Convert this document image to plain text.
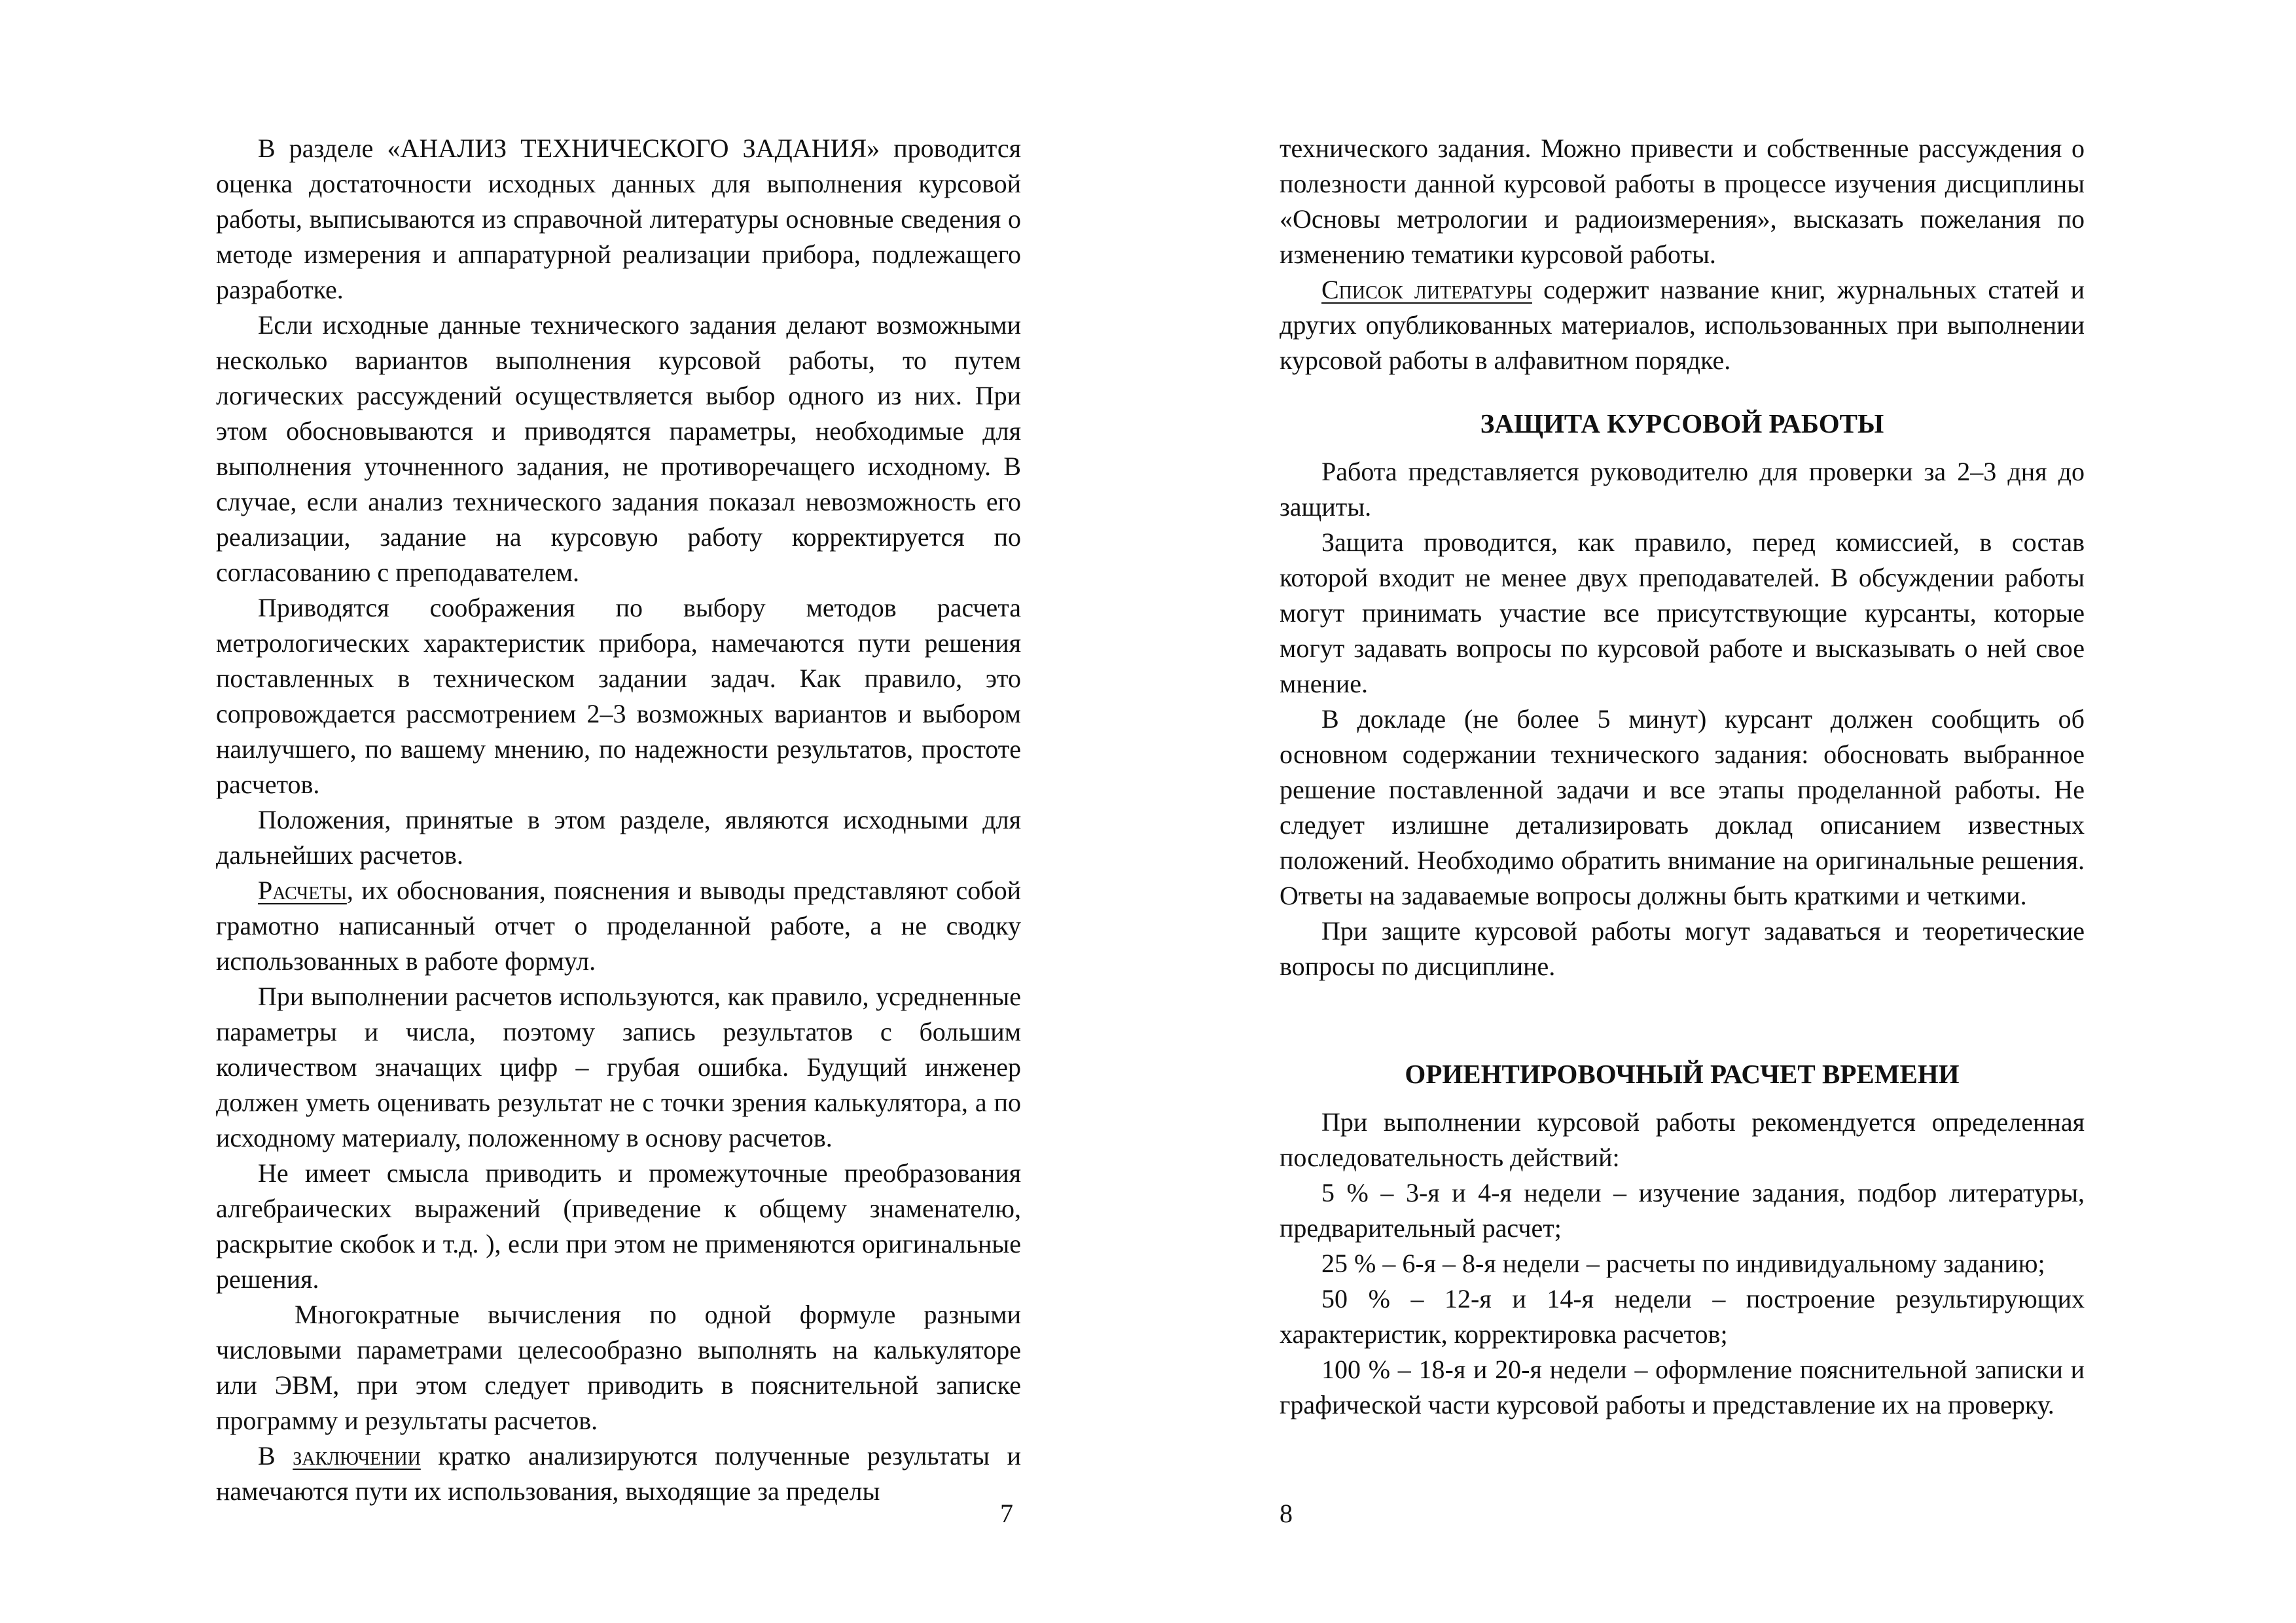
В разделе «АНАЛИЗ ТЕХНИЧЕСКОГО ЗАДАНИЯ» проводится оценка достаточности исходных данных для выполнения курсовой работы, выписываются из справочной литературы основные сведения о методе измерения и аппаратурной реализации прибора, подлежащего разработке.

Если исходные данные технического задания делают возможными несколько вариантов выполнения курсовой работы, то путем логических рассуждений осуществляется выбор одного из них. При этом обосновываются и приводятся параметры, необходимые для выполнения уточненного задания, не противоречащего исходному. В случае, если анализ технического задания показал невозможность его реализации, задание на курсовую работу корректируется по согласованию с преподавателем.

Приводятся соображения по выбору методов расчета метрологических характеристик прибора, намечаются пути решения поставленных в техническом задании задач. Как правило, это сопровождается рассмотрением 2–3 возможных вариантов и выбором наилучшего, по вашему мнению, по надежности результатов, простоте расчетов.

Положения, принятые в этом разделе, являются исходными для дальнейших расчетов.

Расчеты, их обоснования, пояснения и выводы представляют собой грамотно написанный отчет о проделанной работе, а не сводку использованных в работе формул.

При выполнении расчетов используются, как правило, усредненные параметры и числа, поэтому запись результатов с большим количеством значащих цифр – грубая ошибка. Будущий инженер должен уметь оценивать результат не с точки зрения калькулятора, а по исходному материалу, положенному в основу расчетов.

Не имеет смысла приводить и промежуточные преобразования алгебраических выражений (приведение к общему знаменателю, раскрытие скобок и т.д. ), если при этом не применяются оригинальные решения.

Многократные вычисления по одной формуле разными числовыми параметрами целесообразно выполнять на калькуляторе или ЭВМ, при этом следует приводить в пояснительной записке программу и результаты расчетов.

В заключении кратко анализируются полученные результаты и намечаются пути их использования, выходящие за пределы

7

технического задания. Можно привести и собственные рассуждения о полезности данной курсовой работы в процессе изучения дисциплины «Основы метрологии и радиоизмерения», высказать пожелания по изменению тематики курсовой работы.

Список литературы содержит название книг, журнальных статей и других опубликованных материалов, использованных при выполнении курсовой работы в алфавитном порядке.

ЗАЩИТА КУРСОВОЙ РАБОТЫ

Работа представляется руководителю для проверки за 2–3 дня до защиты.

Защита проводится, как правило, перед комиссией, в состав которой входит не менее двух преподавателей. В обсуждении работы могут принимать участие все присутствующие курсанты, которые могут задавать вопросы по курсовой работе и высказывать о ней свое мнение.

В докладе (не более 5 минут) курсант должен сообщить об основном содержании технического задания: обосновать выбранное решение поставленной задачи и все этапы проделанной работы. Не следует излишне детализировать доклад описанием известных положений. Необходимо обратить внимание на оригинальные решения. Ответы на задаваемые вопросы должны быть краткими и четкими.

При защите курсовой работы могут задаваться и теоретические вопросы по дисциплине.

ОРИЕНТИРОВОЧНЫЙ РАСЧЕТ ВРЕМЕНИ

При выполнении курсовой работы рекомендуется определенная последовательность действий:

5 % – 3-я и 4-я недели – изучение задания, подбор литературы, предварительный расчет;

25 % – 6-я – 8-я недели – расчеты по индивидуальному заданию;

50 % – 12-я и 14-я недели – построение результирующих характеристик, корректировка расчетов;

100 % – 18-я и 20-я недели – оформление пояснительной записки и графической части курсовой работы и представление их на проверку.

8
